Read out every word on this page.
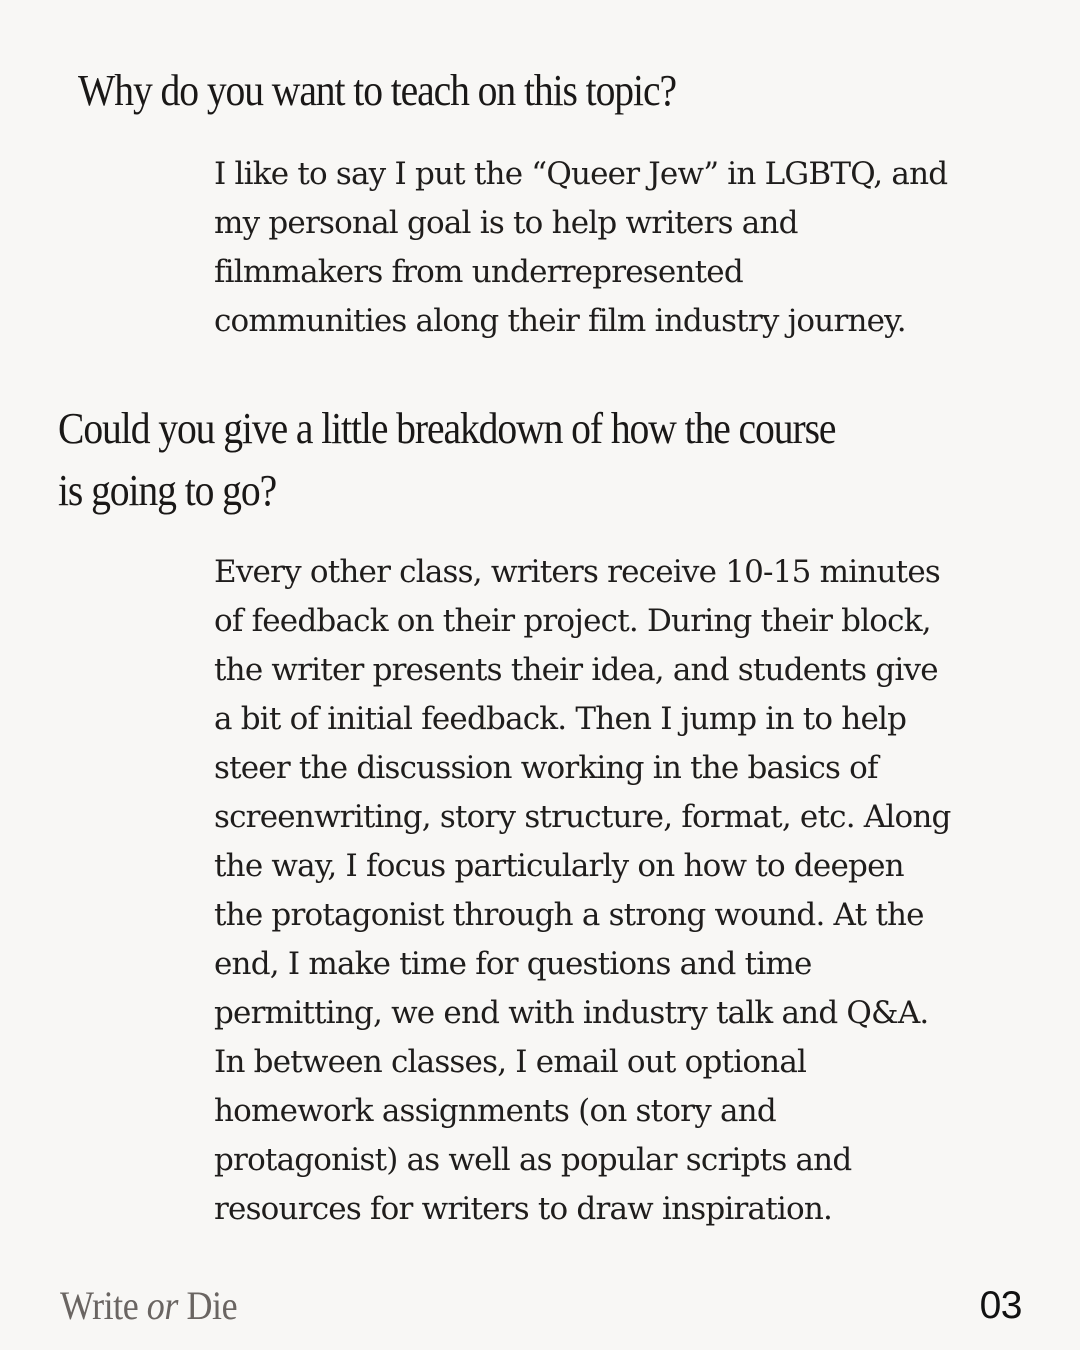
Why do you want to teach on this topic?
I like to say I put the “Queer Jew” in LGBTQ, and
my personal goal is to help writers and
filmmakers from underrepresented
communities along their film industry journey.
Could you give a little breakdown of how the course
is going to go?
Every other class, writers receive 10-15 minutes
of feedback on their project. During their block,
the writer presents their idea, and students give
a bit of initial feedback. Then I jump in to help
steer the discussion working in the basics of
screenwriting, story structure, format, etc. Along
the way, I focus particularly on how to deepen
the protagonist through a strong wound. At the
end, I make time for questions and time
permitting, we end with industry talk and Q&A.
In between classes, I email out optional
homework assignments (on story and
protagonist) as well as popular scripts and
resources for writers to draw inspiration.
Write or Die	03
